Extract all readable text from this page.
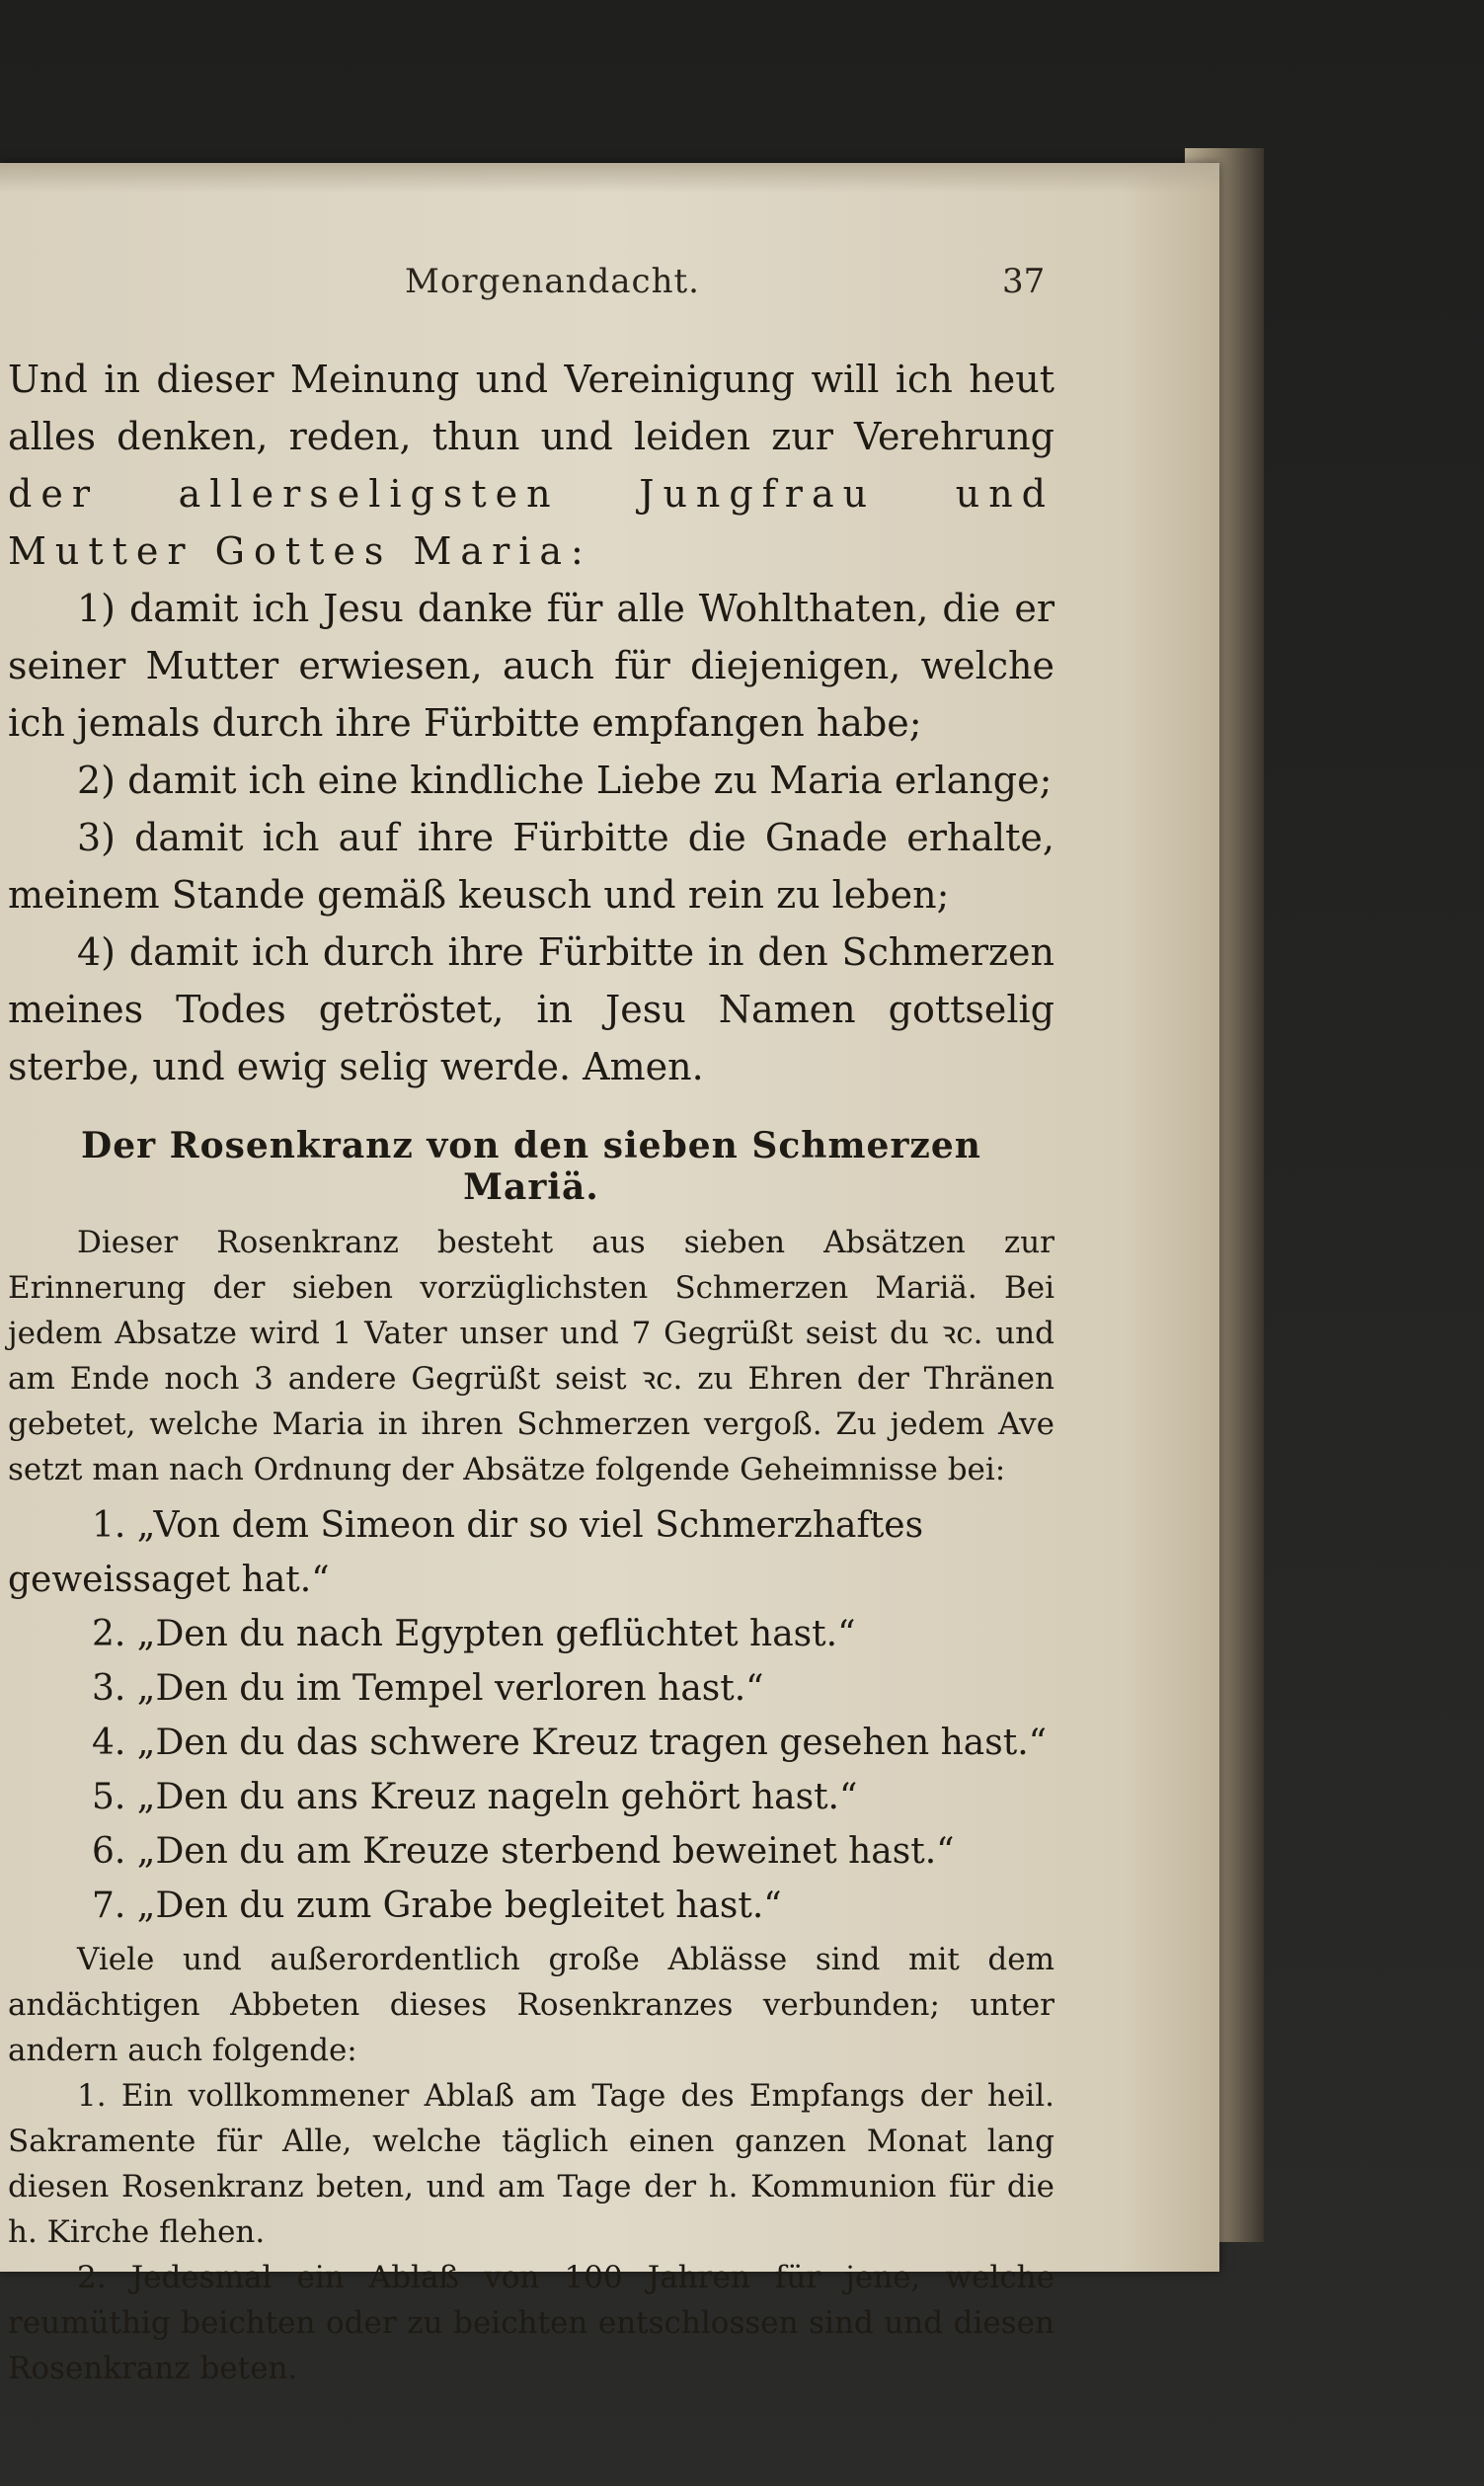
Morgenandacht.	37

Und in dieser Meinung und Vereinigung will ich heut alles denken, reden, thun und leiden zur Verehrung der allerseligsten Jungfrau und Mutter Gottes Maria:

1) damit ich Jesu danke für alle Wohlthaten, die er seiner Mutter erwiesen, auch für diejenigen, welche ich jemals durch ihre Fürbitte empfangen habe;

2) damit ich eine kindliche Liebe zu Maria erlange;

3) damit ich auf ihre Fürbitte die Gnade erhalte, meinem Stande gemäß keusch und rein zu leben;

4) damit ich durch ihre Fürbitte in den Schmerzen meines Todes getröstet, in Jesu Namen gottselig sterbe, und ewig selig werde. Amen.

Der Rosenkranz von den sieben Schmerzen Mariä.

Dieser Rosenkranz besteht aus sieben Absätzen zur Erinnerung der sieben vorzüglichsten Schmerzen Mariä. Bei jedem Absatze wird 1 Vater unser und 7 Gegrüßt seist du ꝛc. und am Ende noch 3 andere Gegrüßt seist ꝛc. zu Ehren der Thränen gebetet, welche Maria in ihren Schmerzen vergoß. Zu jedem Ave setzt man nach Ordnung der Absätze folgende Geheimnisse bei:

1. „Von dem Simeon dir so viel Schmerzhaftes geweissaget hat.“

2. „Den du nach Egypten geflüchtet hast.“

3. „Den du im Tempel verloren hast.“

4. „Den du das schwere Kreuz tragen gesehen hast.“

5. „Den du ans Kreuz nageln gehört hast.“

6. „Den du am Kreuze sterbend beweinet hast.“

7. „Den du zum Grabe begleitet hast.“

Viele und außerordentlich große Ablässe sind mit dem andächtigen Abbeten dieses Rosenkranzes verbunden; unter andern auch folgende:

1. Ein vollkommener Ablaß am Tage des Empfangs der heil. Sakramente für Alle, welche täglich einen ganzen Monat lang diesen Rosenkranz beten, und am Tage der h. Kommunion für die h. Kirche flehen.

2. Jedesmal ein Ablaß von 100 Jahren für jene, welche reumüthig beichten oder zu beichten entschlossen sind und diesen Rosenkranz beten.
